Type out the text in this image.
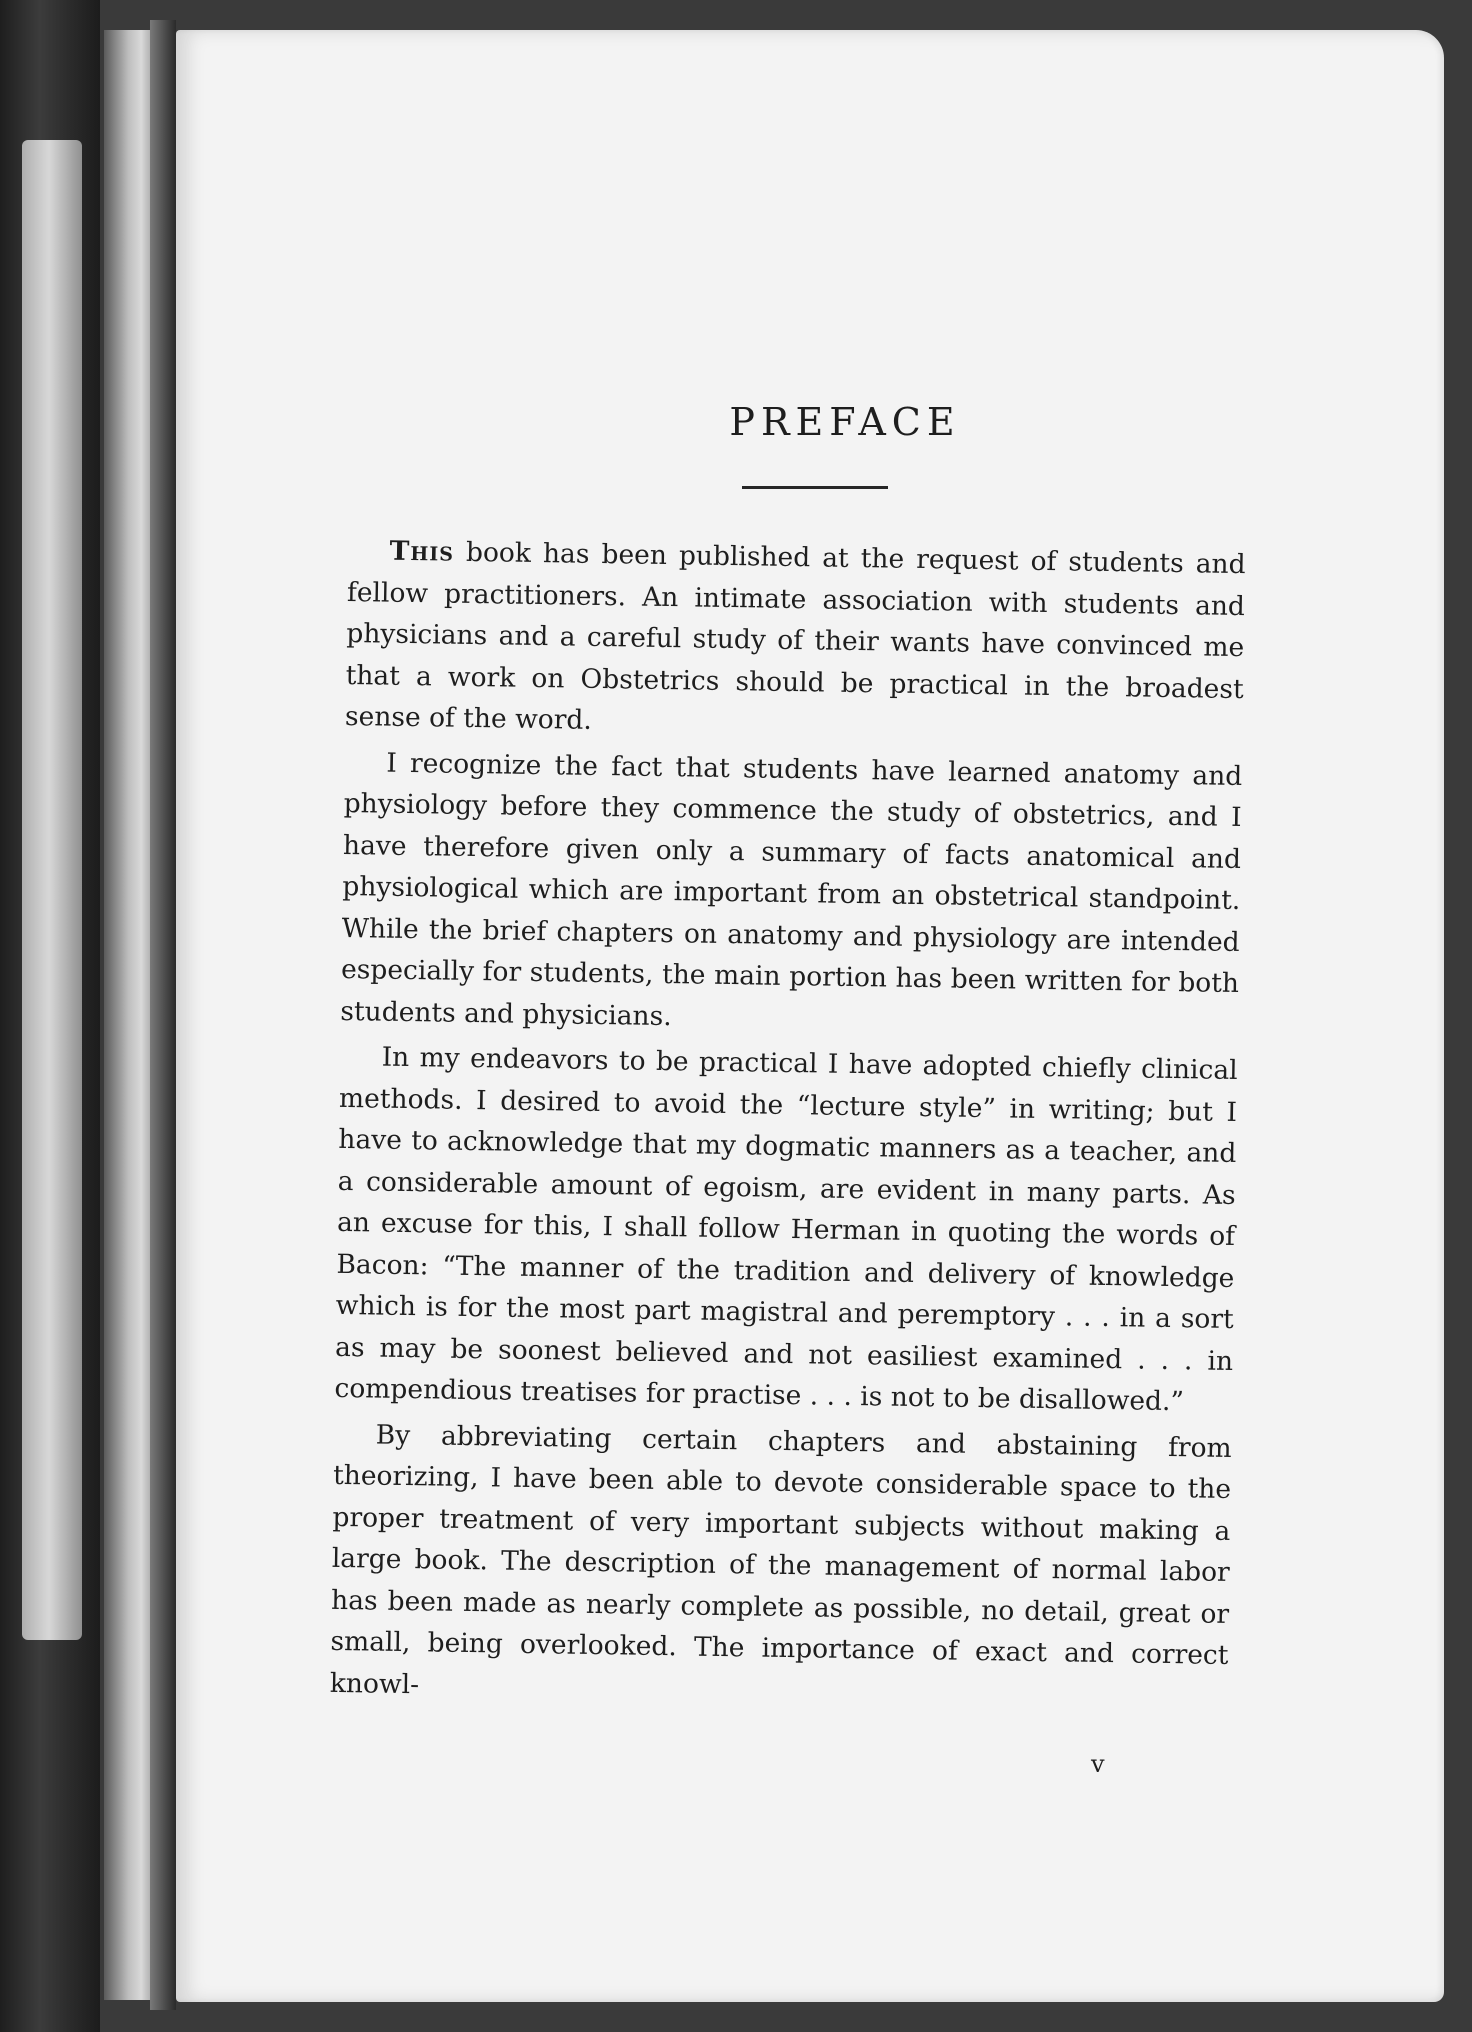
PREFACE

This book has been published at the request of students and fellow practitioners. An intimate association with students and physicians and a careful study of their wants have convinced me that a work on Obstetrics should be practical in the broadest sense of the word.

I recognize the fact that students have learned anatomy and physiology before they commence the study of obstetrics, and I have therefore given only a summary of facts anatomical and physiological which are important from an obstetrical standpoint. While the brief chapters on anatomy and physiology are intended especially for students, the main portion has been written for both students and physicians.

In my endeavors to be practical I have adopted chiefly clinical methods. I desired to avoid the “lecture style” in writing; but I have to acknowledge that my dogmatic manners as a teacher, and a considerable amount of egoism, are evident in many parts. As an excuse for this, I shall follow Herman in quoting the words of Bacon: “The manner of the tradition and delivery of knowledge which is for the most part magistral and peremptory . . . in a sort as may be soonest believed and not easiliest examined . . . in compendious treatises for practise . . . is not to be disallowed.”

By abbreviating certain chapters and abstaining from theorizing, I have been able to devote considerable space to the proper treatment of very important subjects without making a large book. The description of the management of normal labor has been made as nearly complete as possible, no detail, great or small, being overlooked. The importance of exact and correct knowl-

v
